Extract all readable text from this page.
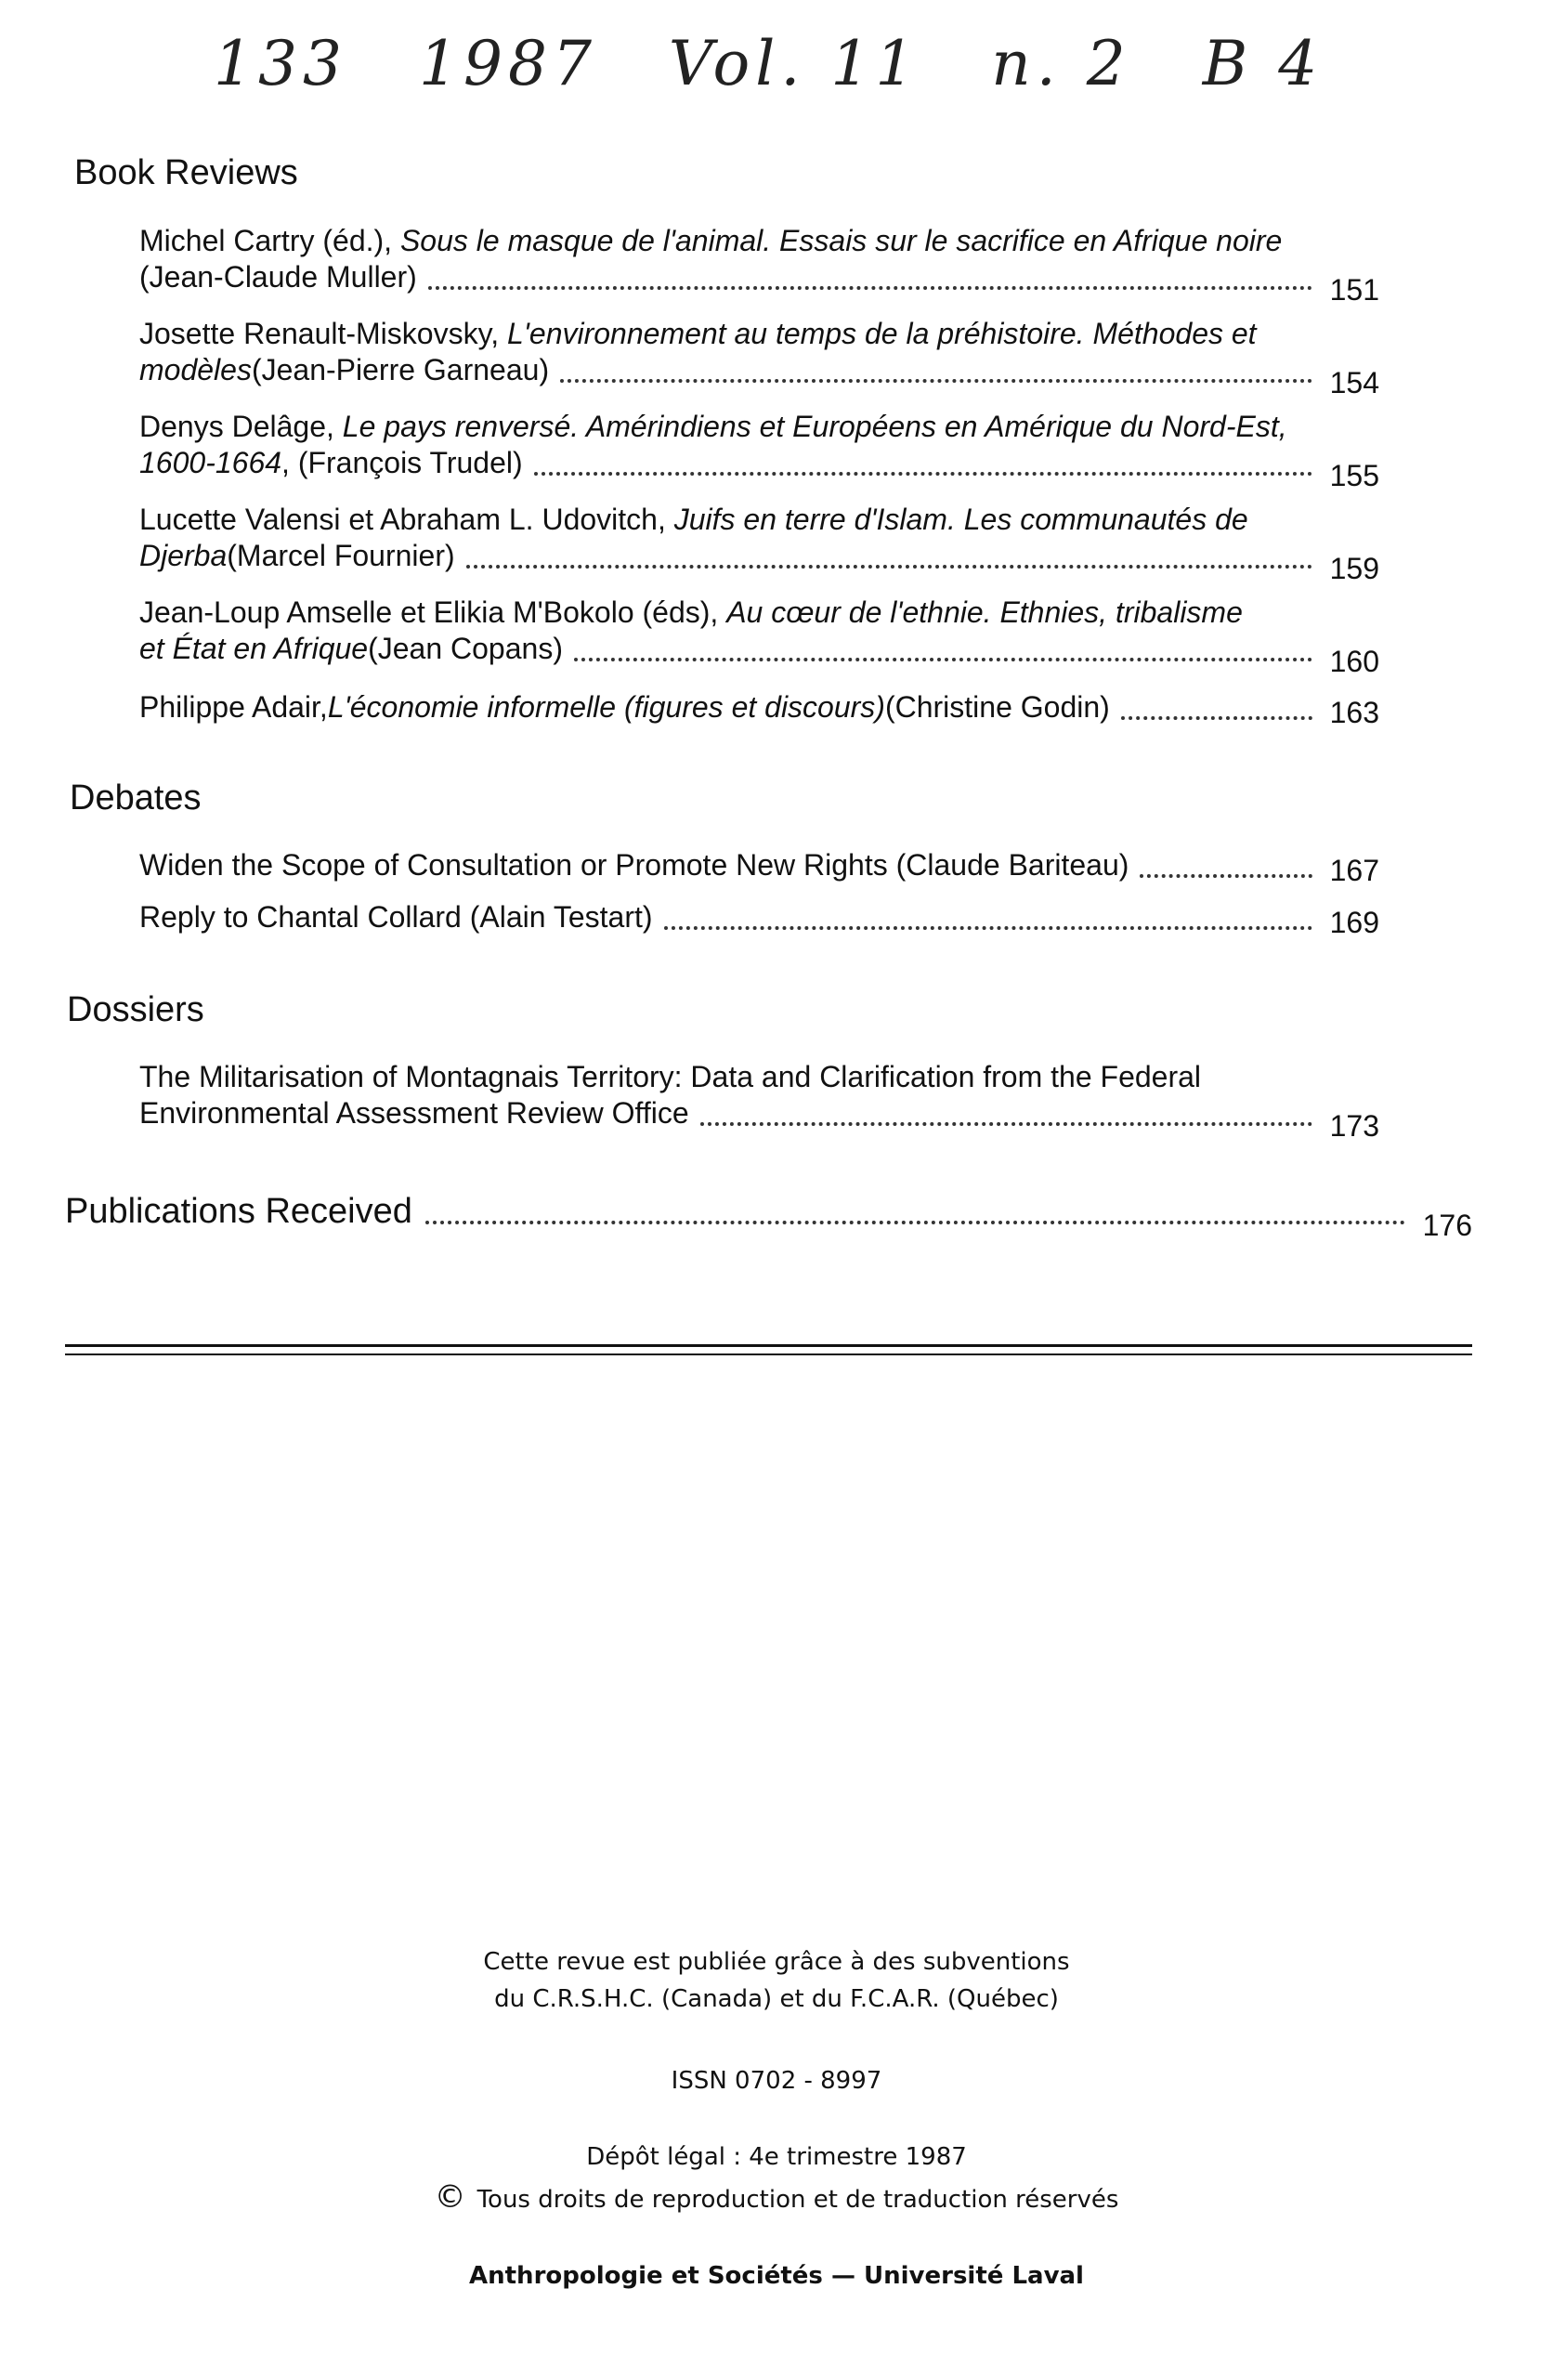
133 1987 Vol. 11 n. 2 B 4
Book Reviews
Michel Cartry (éd.), Sous le masque de l'animal. Essais sur le sacrifice en Afrique noire
(Jean-Claude Muller)	151
Josette Renault-Miskovsky, L'environnement au temps de la préhistoire. Méthodes et
modèles (Jean-Pierre Garneau)	154
Denys Delâge, Le pays renversé. Amérindiens et Européens en Amérique du Nord-Est,
1600-1664 , (François Trudel)	155
Lucette Valensi et Abraham L. Udovitch, Juifs en terre d'Islam. Les communautés de
Djerba (Marcel Fournier)	159
Jean-Loup Amselle et Elikia M'Bokolo (éds), Au cœur de l'ethnie. Ethnies, tribalisme
et État en Afrique (Jean Copans)	160
Philippe Adair, L'économie informelle (figures et discours) (Christine Godin)	163
Debates
Widen the Scope of Consultation or Promote New Rights (Claude Bariteau)	167
Reply to Chantal Collard (Alain Testart)	169
Dossiers
The Militarisation of Montagnais Territory: Data and Clarification from the Federal
Environmental Assessment Review Office	173
Publications Received	176
Cette revue est publiée grâce à des subventions
du C.R.S.H.C. (Canada) et du F.C.A.R. (Québec)
ISSN 0702 - 8997
Dépôt légal : 4e trimestre 1987
© Tous droits de reproduction et de traduction réservés
Anthropologie et Sociétés — Université Laval
